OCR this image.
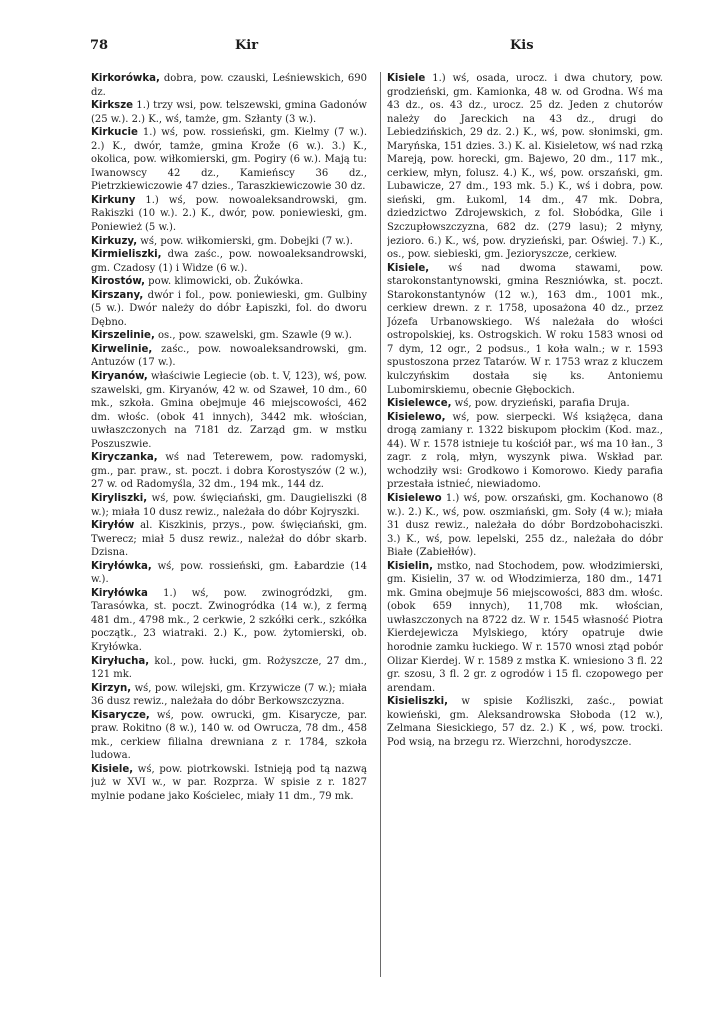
78	Kir	Kis

Kirkorówka, dobra, pow. czauski, Leśniewskich, 690 dz.

Kirksze 1.) trzy wsi, pow. telszewski, gmina Gadonów (25 w.). 2.) K., wś, tamże, gm. Szłanty (3 w.).

Kirkucie 1.) wś, pow. rossieński, gm. Kielmy (7 w.). 2.) K., dwór, tamże, gmina Krože (6 w.). 3.) K., okolica, pow. wiłkomierski, gm. Pogiry (6 w.). Mają tu: Iwanowscy 42 dz., Kamieńscy 36 dz., Pietrzkiewiczowie 47 dzies., Taraszkiewiczowie 30 dz.

Kirkuny 1.) wś, pow. nowoaleksandrowski, gm. Rakiszki (10 w.). 2.) K., dwór, pow. poniewieski, gm. Poniewież (5 w.).

Kirkuzy, wś, pow. wiłkomierski, gm. Dobejki (7 w.).

Kirmieliszki, dwa zaśc., pow. nowoaleksandrowski, gm. Czadosy (1) i Widze (6 w.).

Kirostów, pow. klimowicki, ob. Żukówka.

Kirszany, dwór i fol., pow. poniewieski, gm. Gulbiny (5 w.). Dwór należy do dóbr Łapiszki, fol. do dworu Dębno.

Kirszelinie, os., pow. szawelski, gm. Szawle (9 w.).

Kirwelinie, zaśc., pow. nowoaleksandrowski, gm. Antuzów (17 w.).

Kiryanów, właściwie Legiecie (ob. t. V, 123), wś, pow. szawelski, gm. Kiryanów, 42 w. od Szaweł, 10 dm., 60 mk., szkoła. Gmina obejmuje 46 miejscowości, 462 dm. włośc. (obok 41 innych), 3442 mk. włościan, uwłaszczonych na 7181 dz. Zarząd gm. w mstku Poszuszwie.

Kiryczanka, wś nad Teterewem, pow. radomyski, gm., par. praw., st. poczt. i dobra Korostyszów (2 w.), 27 w. od Radomyśla, 32 dm., 194 mk., 144 dz.

Kiryliszki, wś, pow. święciański, gm. Daugieliszki (8 w.); miała 10 dusz rewiz., należała do dóbr Kojryszki.

Kiryłów al. Kiszkinis, przys., pow. święciański, gm. Twerecz; miał 5 dusz rewiz., należał do dóbr skarb. Dzisna.

Kiryłówka, wś, pow. rossieński, gm. Łabardzie (14 w.).

Kiryłówka 1.) wś, pow. zwinogródzki, gm. Tarasówka, st. poczt. Zwinogródka (14 w.), z fermą 481 dm., 4798 mk., 2 cerkwie, 2 szkółki cerk., szkółka początk., 23 wiatraki. 2.) K., pow. żytomierski, ob. Kryłówka.

Kiryłucha, kol., pow. łucki, gm. Rożyszcze, 27 dm., 121 mk.

Kirzyn, wś, pow. wilejski, gm. Krzywicze (7 w.); miała 36 dusz rewiz., należała do dóbr Berkowszczyzna.

Kisarycze, wś, pow. owrucki, gm. Kisarycze, par. praw. Rokitno (8 w.), 140 w. od Owrucza, 78 dm., 458 mk., cerkiew filialna drewniana z r. 1784, szkoła ludowa.

Kisiele, wś, pow. piotrkowski. Istnieją pod tą nazwą już w XVI w., w par. Rozprza. W spisie z r. 1827 mylnie podane jako Kościelec, miały 11 dm., 79 mk.

Kisiele 1.) wś, osada, urocz. i dwa chutory, pow. grodzieński, gm. Kamionka, 48 w. od Grodna. Wś ma 43 dz., os. 43 dz., urocz. 25 dz. Jeden z chutorów należy do Jareckich na 43 dz., drugi do Lebiedzińskich, 29 dz. 2.) K., wś, pow. słonimski, gm. Maryńska, 151 dzies. 3.) K. al. Kisieletow, wś nad rzką Mareją, pow. horecki, gm. Bajewo, 20 dm., 117 mk., cerkiew, młyn, folusz. 4.) K., wś, pow. orszański, gm. Lubawicze, 27 dm., 193 mk. 5.) K., wś i dobra, pow. sieński, gm. Łukoml, 14 dm., 47 mk. Dobra, dziedzictwo Zdrojewskich, z fol. Słobódka, Gile i Szczupłowszczyzna, 682 dz. (279 lasu); 2 młyny, jezioro. 6.) K., wś, pow. dryzieński, par. Oświej. 7.) K., os., pow. siebieski, gm. Jezioryszcze, cerkiew.

Kisiele, wś nad dwoma stawami, pow. starokonstantynowski, gmina Reszniówka, st. poczt. Starokonstantynów (12 w.), 163 dm., 1001 mk., cerkiew drewn. z r. 1758, uposażona 40 dz., przez Józefa Urbanowskiego. Wś należała do włości ostropolskiej, ks. Ostrogskich. W roku 1583 wnosi od 7 dym, 12 ogr., 2 podsus., 1 koła waln.; w r. 1593 spustoszona przez Tatarów. W r. 1753 wraz z kluczem kulczyńskim dostała się ks. Antoniemu Lubomirskiemu, obecnie Głębockich.

Kisielewce, wś, pow. dryzieński, parafia Druja.

Kisielewo, wś, pow. sierpecki. Wś książęca, dana drogą zamiany r. 1322 biskupom płockim (Kod. maz., 44). W r. 1578 istnieje tu kościół par., wś ma 10 łan., 3 zagr. z rolą, młyn, wyszynk piwa. Wskład par. wchodziły wsi: Grodkowo i Komorowo. Kiedy parafia przestała istnieć, niewiadomo.

Kisielewo 1.) wś, pow. orszański, gm. Kochanowo (8 w.). 2.) K., wś, pow. oszmiański, gm. Soły (4 w.); miała 31 dusz rewiz., należała do dóbr Bordzobohaciszki. 3.) K., wś, pow. lepelski, 255 dz., należała do dóbr Białe (Zabiełłów).

Kisielin, mstko, nad Stochodem, pow. włodzimierski, gm. Kisielin, 37 w. od Włodzimierza, 180 dm., 1471 mk. Gmina obejmuje 56 miejscowości, 883 dm. włośc. (obok 659 innych), 11,708 mk. włościan, uwłaszczonych na 8722 dz. W r. 1545 własność Piotra Kierdejewicza Mylskiego, który opatruje dwie horodnie zamku łuckiego. W r. 1570 wnosi ztąd pobór Olizar Kierdej. W r. 1589 z mstka K. wniesiono 3 fl. 22 gr. szosu, 3 fl. 2 gr. z ogrodów i 15 fl. czopowego per arendam.

Kisieliszki, w spisie Koźliszki, zaśc., powiat kowieński, gm. Aleksandrowska Słoboda (12 w.), Zelmana Siesickiego, 57 dz. 2.) K , wś, pow. trocki. Pod wsią, na brzegu rz. Wierzchni, horodyszcze.
